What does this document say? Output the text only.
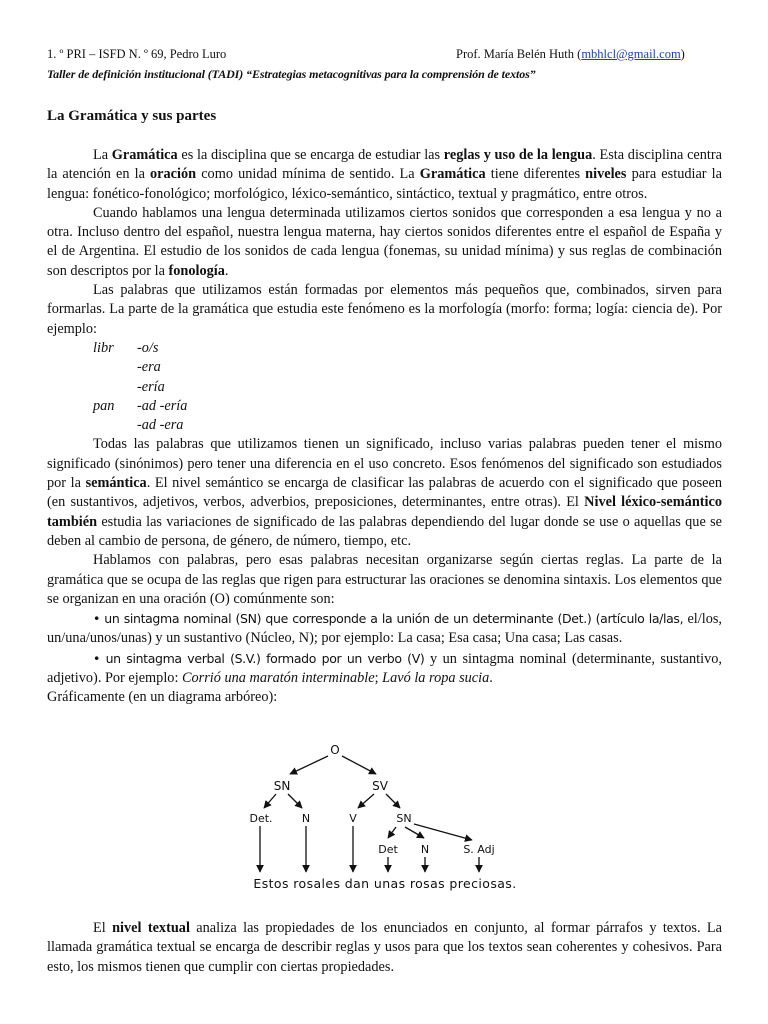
1. º PRI – ISFD N. º 69, Pedro Luro	Prof. María Belén Huth (mbhlcl@gmail.com)
Taller de definición institucional (TADI) “Estrategias metacognitivas para la comprensión de textos”
La Gramática y sus partes

La Gramática es la disciplina que se encarga de estudiar las reglas y uso de la lengua. Esta disciplina centra la atención en la oración como unidad mínima de sentido. La Gramática tiene diferentes niveles para estudiar la lengua: fonético-fonológico; morfológico, léxico-semántico, sintáctico, textual y pragmático, entre otros.

Cuando hablamos una lengua determinada utilizamos ciertos sonidos que corresponden a esa lengua y no a otra. Incluso dentro del español, nuestra lengua materna, hay ciertos sonidos diferentes entre el español de España y el de Argentina. El estudio de los sonidos de cada lengua (fonemas, su unidad mínima) y sus reglas de combinación son descriptos por la fonología.

Las palabras que utilizamos están formadas por elementos más pequeños que, combinados, sirven para formarlas. La parte de la gramática que estudia este fenómeno es la morfología (morfo: forma; logía: ciencia de). Por ejemplo:

libr -o/s
-era
-ería
pan -ad -ería
-ad -era

Todas las palabras que utilizamos tienen un significado, incluso varias palabras pueden tener el mismo significado (sinónimos) pero tener una diferencia en el uso concreto. Esos fenómenos del significado son estudiados por la semántica. El nivel semántico se encarga de clasificar las palabras de acuerdo con el significado que poseen (en sustantivos, adjetivos, verbos, adverbios, preposiciones, determinantes, entre otras). El Nivel léxico-semántico también estudia las variaciones de significado de las palabras dependiendo del lugar donde se use o aquellas que se deben al cambio de persona, de género, de número, tiempo, etc.

Hablamos con palabras, pero esas palabras necesitan organizarse según ciertas reglas. La parte de la gramática que se ocupa de las reglas que rigen para estructurar las oraciones se denomina sintaxis. Los elementos que se organizan en una oración (O) comúnmente son:

• un sintagma nominal (SN) que corresponde a la unión de un determinante (Det.) (artículo la/las, el/los, un/una/unos/unas) y un sustantivo (Núcleo, N); por ejemplo: La casa; Esa casa; Una casa; Las casas.

• un sintagma verbal (S.V.) formado por un verbo (V) y un sintagma nominal (determinante, sustantivo, adjetivo). Por ejemplo: Corrió una maratón interminable; Lavó la ropa sucia.

Gráficamente (en un diagrama arbóreo):

O
SN	SV
Det.	N	V	SN
Det N	S. Adj
Estos rosales dan unas rosas preciosas.

El nivel textual analiza las propiedades de los enunciados en conjunto, al formar párrafos y textos. La llamada gramática textual se encarga de describir reglas y usos para que los textos sean coherentes y cohesivos. Para esto, los mismos tienen que cumplir con ciertas propiedades.
